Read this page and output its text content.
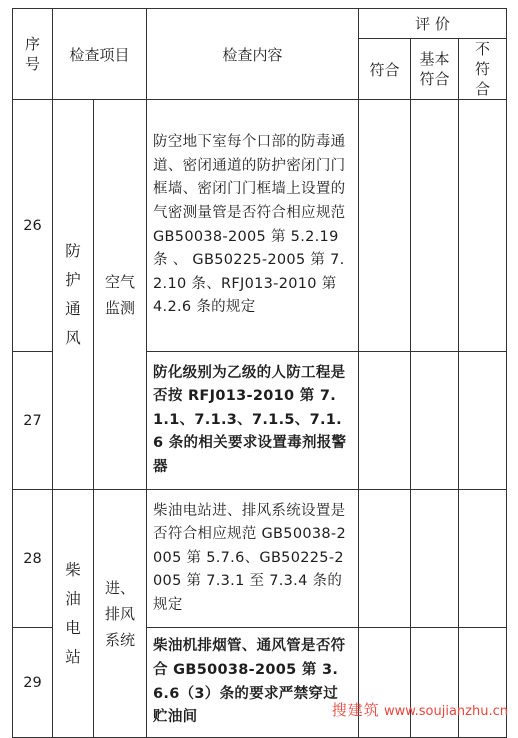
序号	检查项目		检查内容	评 价		
				符合	基本符合	不符合

26	防护通风	空气监测	防空地下室每个口部的防毒通道、密闭通道的防护密闭门门框墙、密闭门门框墙上设置的气密测量管是否符合相应规范 GB50038-2005 第 5.2.19 条 、 GB50225-2005 第 7.2.10 条、RFJ013-2010 第 4.2.6 条的规定			
27			防化级别为乙级的人防工程是否按 RFJ013-2010 第 7.1.1、7.1.3、7.1.5、7.1.6 条的相关要求设置毒剂报警器			
28	柴油电站	进、排风系统	柴油电站进、排风系统设置是否符合相应规范 GB50038-2005 第 5.7.6、GB50225-2005 第 7.3.1 至 7.3.4 条的规定			
29			柴油机排烟管、通风管是否符合 GB50038-2005 第 3.6.6（3）条的要求严禁穿过贮油间				搜建筑 www.soujianzhu.cn
